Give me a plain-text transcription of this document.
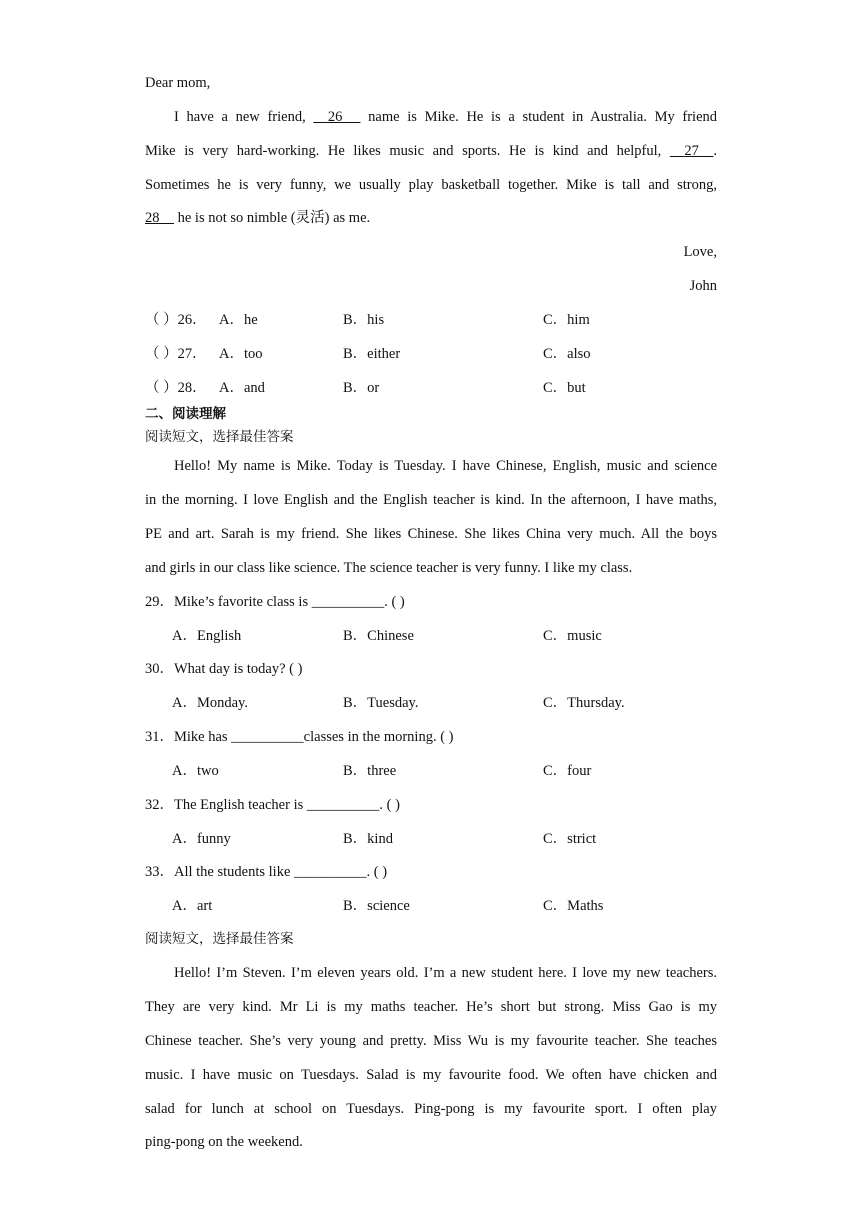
Dear mom,
I have a new friend, 26 name is Mike. He is a student in Australia. My friend
Mike is very hard-working. He likes music and sports. He is kind and helpful, 27 .
Sometimes he is very funny, we usually play basketball together. Mike is tall and strong,
28 he is not so nimble (灵活) as me.
Love,
John
（ ）26． A．he	B．his	C．him
（ ）27． A．too	B．either	C．also
（ ）28． A．and	B．or	C．but
二、阅读理解
阅读短文，选择最佳答案
Hello! My name is Mike. Today is Tuesday. I have Chinese, English, music and science
in the morning. I love English and the English teacher is kind. In the afternoon, I have maths,
PE and art. Sarah is my friend. She likes Chinese. She likes China very much. All the boys
and girls in our class like science. The science teacher is very funny. I like my class.
29．Mike’s favorite class is __________. ( )
A．English	B．Chinese	C．music
30．What day is today? ( )
A．Monday.	B．Tuesday.	C．Thursday.
31．Mike has __________classes in the morning. ( )
A．two	B．three	C．four
32．The English teacher is __________. ( )
A．funny	B．kind	C．strict
33．All the students like __________. ( )
A．art	B．science	C．Maths
阅读短文，选择最佳答案
Hello! I’m Steven. I’m eleven years old. I’m a new student here. I love my new teachers.
They are very kind. Mr Li is my maths teacher. He’s short but strong. Miss Gao is my
Chinese teacher. She’s very young and pretty. Miss Wu is my favourite teacher. She teaches
music. I have music on Tuesdays. Salad is my favourite food. We often have chicken and
salad for lunch at school on Tuesdays. Ping-pong is my favourite sport. I often play
ping-pong on the weekend.
